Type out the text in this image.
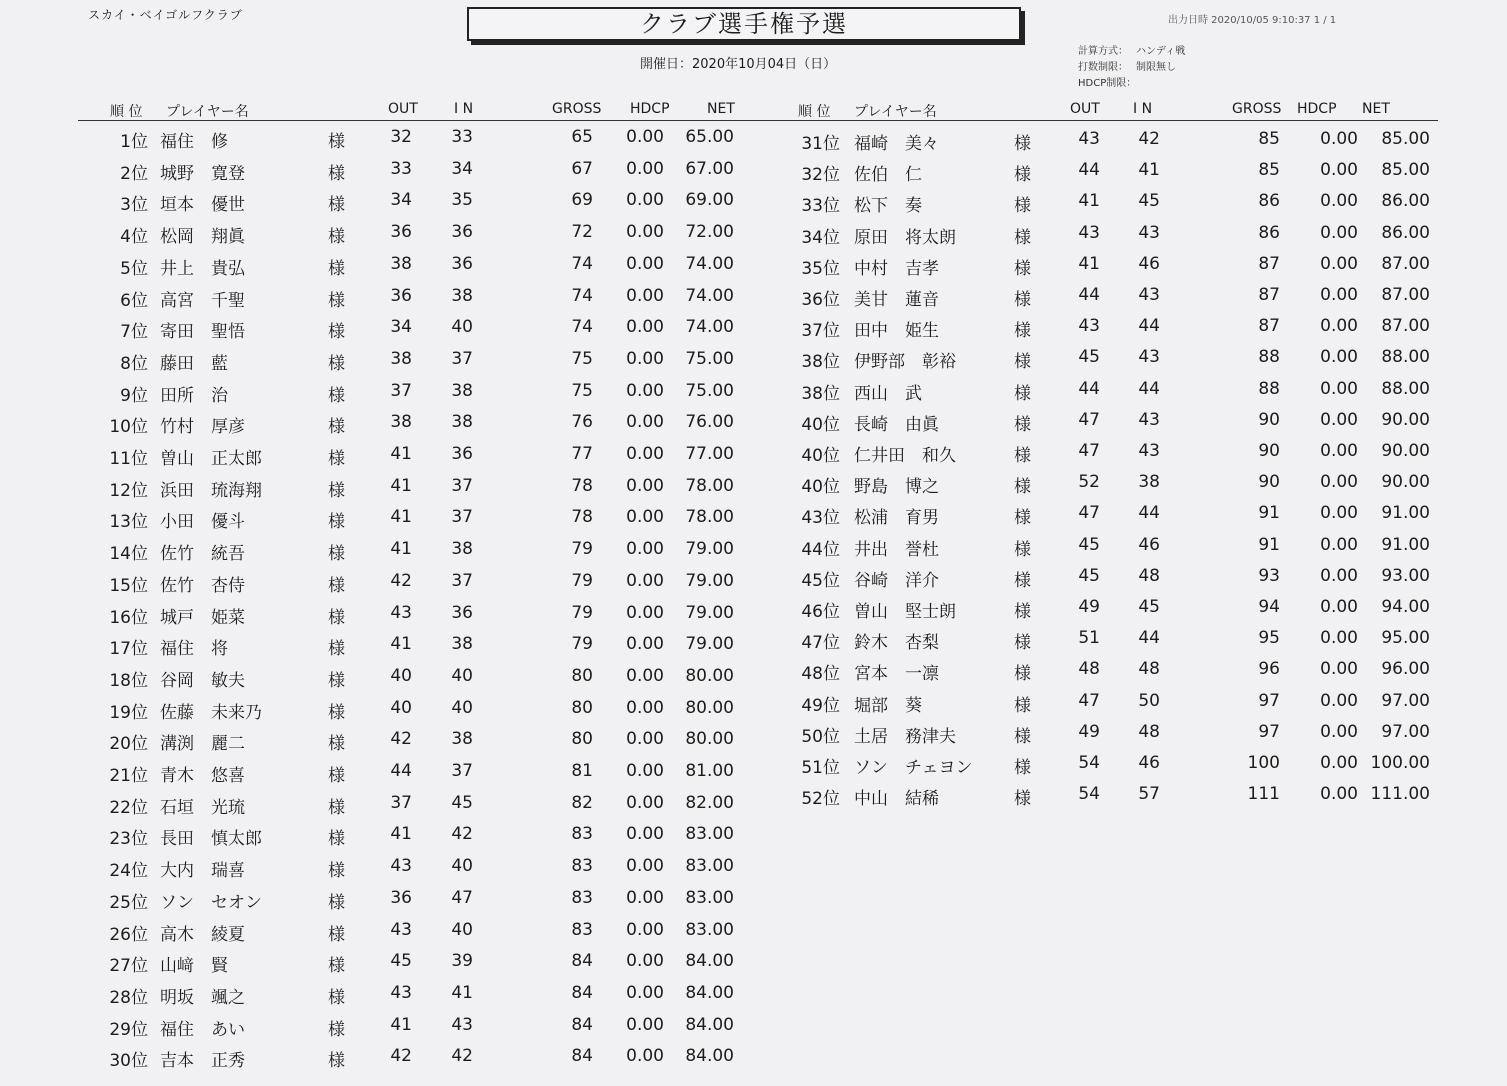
スカイ・ベイゴルフクラブ	クラブ選手権予選
開催日：2020年10月04日（日）
出力日時 2020/10/05 9:10:37 1 / 1
計算方式： ハンディ戦
打数制限： 制限無し
HDCP制限：
順 位 プレイヤー名	OUT	I N	GROSS HDCP	NET	順 位 プレイヤー名	OUT I N	GROSS HDCP NET
1位 福住　修	様	32	33	65	0.00	65.00
2位 城野　寛登	様	33	34	67	0.00	67.00
3位 垣本　優世	様	34	35	69	0.00	69.00
4位 松岡　翔眞	様	36	36	72	0.00	72.00
5位 井上　貴弘	様	38	36	74	0.00	74.00
6位 高宮　千聖	様	36	38	74	0.00	74.00
7位 寄田　聖悟	様	34	40	74	0.00	74.00
8位 藤田　藍	様	38	37	75	0.00	75.00
9位 田所　治	様	37	38	75	0.00	75.00
10位 竹村　厚彦	様	38	38	76	0.00	76.00
11位 曽山　正太郎	様	41	36	77	0.00	77.00
12位 浜田　琉海翔	様	41	37	78	0.00	78.00
13位 小田　優斗	様	41	37	78	0.00	78.00
14位 佐竹　統吾	様	41	38	79	0.00	79.00
15位 佐竹　杏侍	様	42	37	79	0.00	79.00
16位 城戸　姫菜	様	43	36	79	0.00	79.00
17位 福住　将	様	41	38	79	0.00	79.00
18位 谷岡　敏夫	様	40	40	80	0.00	80.00
19位 佐藤　未来乃	様	40	40	80	0.00	80.00
20位 溝渕　麗二	様	42	38	80	0.00	80.00
21位 青木　悠喜	様	44	37	81	0.00	81.00
22位 石垣　光琉	様	37	45	82	0.00	82.00
23位 長田　慎太郎	様	41	42	83	0.00	83.00
24位 大内　瑞喜	様	43	40	83	0.00	83.00
25位 ソン　セオン	様	36	47	83	0.00	83.00
26位 高木　綾夏	様	43	40	83	0.00	83.00
27位 山﨑　賢	様	45	39	84	0.00	84.00
28位 明坂　颯之	様	43	41	84	0.00	84.00
29位 福住　あい	様	41	43	84	0.00	84.00
30位 吉本　正秀	様	42	42	84	0.00	84.00
31位 福崎　美々	様	43	42	85	0.00	85.00
32位 佐伯　仁	様	44	41	85	0.00	85.00
33位 松下　奏	様	41	45	86	0.00	86.00
34位 原田　将太朗	様	43	43	86	0.00	86.00
35位 中村　吉孝	様	41	46	87	0.00	87.00
36位 美甘　蓮音	様	44	43	87	0.00	87.00
37位 田中　姫生	様	43	44	87	0.00	87.00
38位 伊野部　彰裕	様	45	43	88	0.00	88.00
38位 西山　武	様	44	44	88	0.00	88.00
40位 長崎　由眞	様	47	43	90	0.00	90.00
40位 仁井田　和久	様	47	43	90	0.00	90.00
40位 野島　博之	様	52	38	90	0.00	90.00
43位 松浦　育男	様	47	44	91	0.00	91.00
44位 井出　誉杜	様	45	46	91	0.00	91.00
45位 谷崎　洋介	様	45	48	93	0.00	93.00
46位 曽山　堅士朗	様	49	45	94	0.00	94.00
47位 鈴木　杏梨	様	51	44	95	0.00	95.00
48位 宮本　一凛	様	48	48	96	0.00	96.00
49位 堀部　葵	様	47	50	97	0.00	97.00
50位 土居　務津夫	様	49	48	97	0.00	97.00
51位 ソン　チェヨン 様	54	46	100	0.00 100.00
52位 中山　結稀	様	54	57	111	0.00 111.00
